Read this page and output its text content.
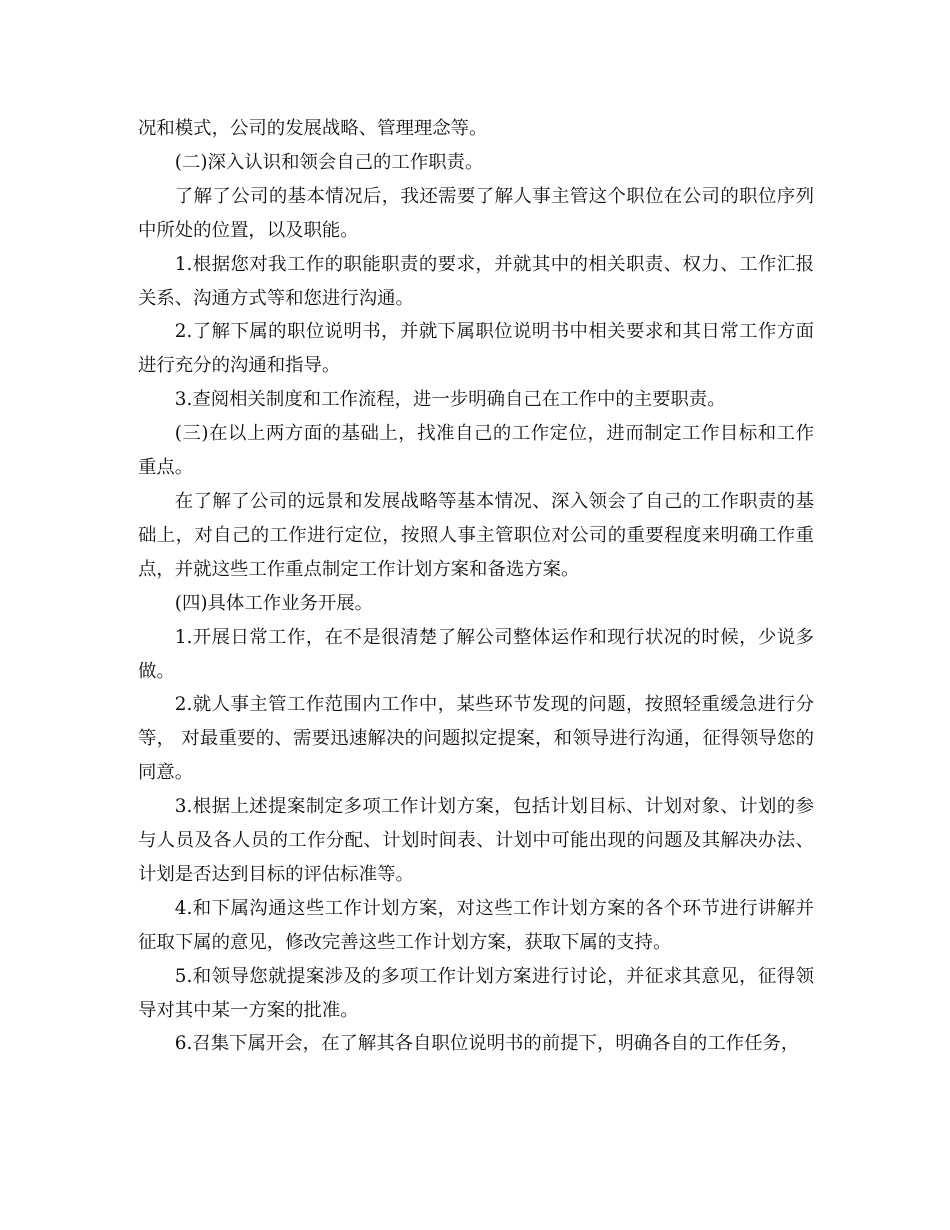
况和模式，公司的发展战略、管理理念等。

(二)深入认识和领会自己的工作职责。

了解了公司的基本情况后，我还需要了解人事主管这个职位在公司的职位序列中所处的位置，以及职能。

1.根据您对我工作的职能职责的要求，并就其中的相关职责、权力、工作汇报关系、沟通方式等和您进行沟通。

2.了解下属的职位说明书，并就下属职位说明书中相关要求和其日常工作方面进行充分的沟通和指导。

3.查阅相关制度和工作流程，进一步明确自己在工作中的主要职责。

(三)在以上两方面的基础上，找准自己的工作定位，进而制定工作目标和工作重点。

在了解了公司的远景和发展战略等基本情况、深入领会了自己的工作职责的基础上，对自己的工作进行定位，按照人事主管职位对公司的重要程度来明确工作重点，并就这些工作重点制定工作计划方案和备选方案。

(四)具体工作业务开展。

1.开展日常工作，在不是很清楚了解公司整体运作和现行状况的时候，少说多做。

2.就人事主管工作范围内工作中，某些环节发现的问题，按照轻重缓急进行分等， 对最重要的、需要迅速解决的问题拟定提案，和领导进行沟通，征得领导您的同意。

3.根据上述提案制定多项工作计划方案，包括计划目标、计划对象、计划的参与人员及各人员的工作分配、计划时间表、计划中可能出现的问题及其解决办法、计划是否达到目标的评估标准等。

4.和下属沟通这些工作计划方案，对这些工作计划方案的各个环节进行讲解并征取下属的意见，修改完善这些工作计划方案，获取下属的支持。

5.和领导您就提案涉及的多项工作计划方案进行讨论，并征求其意见，征得领导对其中某一方案的批准。

6.召集下属开会，在了解其各自职位说明书的前提下，明确各自的工作任务，
